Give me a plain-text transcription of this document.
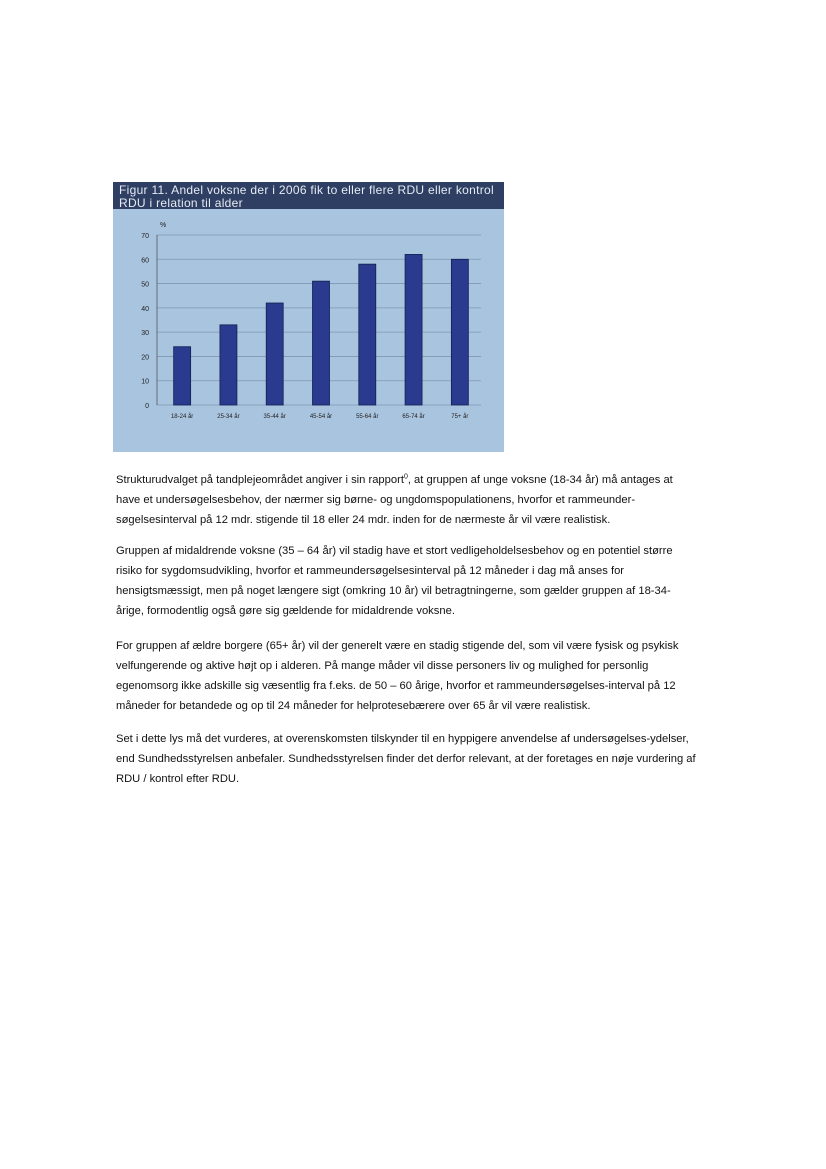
Figur 11. Andel voksne der i 2006 fik to eller flere RDU eller kontrol RDU i relation til alder
0
10
20
30
40
50
60
70
%
18-24 år	25-34 år	35-44 år	45-54 år	55-64 år	65-74 år	75+ år

Strukturudvalget på tandplejeområdet angiver i sin rapport$^0$, at gruppen af unge voksne (18-34 år) må antages at have et undersøgelsesbehov, der nærmer sig børne- og ungdomspopulationens, hvorfor et rammeunder-søgelsesinterval på 12 mdr. stigende til 18 eller 24 mdr. inden for de nærmeste år vil være realistisk.

Gruppen af midaldrende voksne (35 – 64 år) vil stadig have et stort vedligeholdelsesbehov og en potentiel større risiko for sygdomsudvikling, hvorfor et rammeundersøgelsesinterval på 12 måneder i dag må anses for hensigtsmæssigt, men på noget længere sigt (omkring 10 år) vil betragtningerne, som gælder gruppen af 18-34-årige, formodentlig også gøre sig gældende for midaldrende voksne.

For gruppen af ældre borgere (65+ år) vil der generelt være en stadig stigende del, som vil være fysisk og psykisk velfungerende og aktive højt op i alderen. På mange måder vil disse personers liv og mulighed for personlig egenomsorg ikke adskille sig væsentlig fra f.eks. de 50 – 60 årige, hvorfor et rammeundersøgelses-interval på 12 måneder for betandede og op til 24 måneder for helprotesebærere over 65 år vil være realistisk.

Set i dette lys må det vurderes, at overenskomsten tilskynder til en hyppigere anvendelse af undersøgelses-ydelser, end Sundhedsstyrelsen anbefaler. Sundhedsstyrelsen finder det derfor relevant, at der foretages en nøje vurdering af RDU / kontrol efter RDU.
